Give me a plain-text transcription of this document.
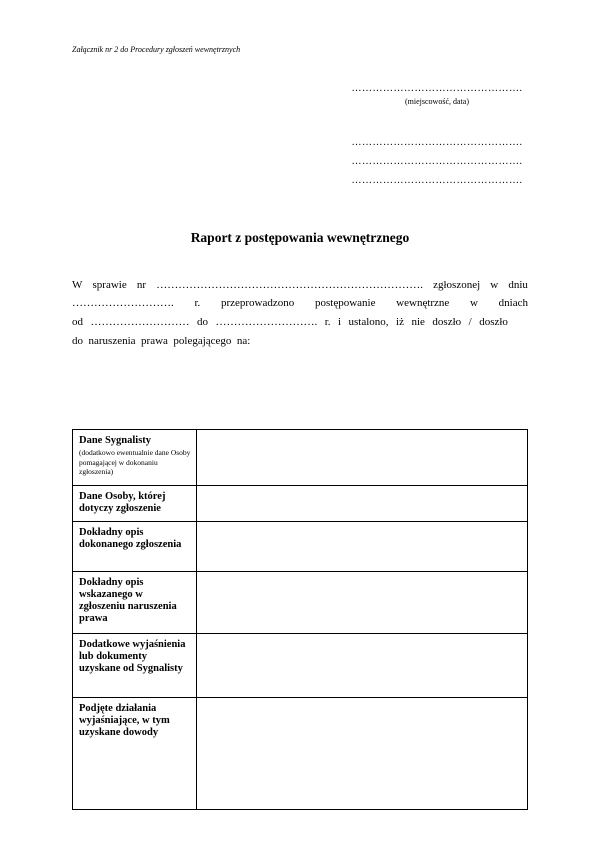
Załącznik nr 2 do Procedury zgłoszeń wewnętrznych
………………………………………….
(miejscowość, data)
………………………………………….
………………………………………….
………………………………………….
Raport z postępowania wewnętrznego
W sprawie nr ………………………………………………………………. zgłoszonej w dniu
………………………. r. przeprowadzono postępowanie wewnętrzne w dniach
od ……………………… do ………………………. r. i ustalono, iż nie doszło / doszło
do  naruszenia  prawa  polegającego  na:
Dane Sygnalisty
(dodatkowo ewentualnie dane Osoby pomagającej w dokonaniu zgłoszenia)	

Dane Osoby, której dotyczy zgłoszenie	

Dokładny opis dokonanego zgłoszenia	

Dokładny opis wskazanego w zgłoszeniu naruszenia prawa	

Dodatkowe wyjaśnienia lub dokumenty uzyskane od Sygnalisty	

Podjęte działania wyjaśniające, w tym uzyskane dowody	
